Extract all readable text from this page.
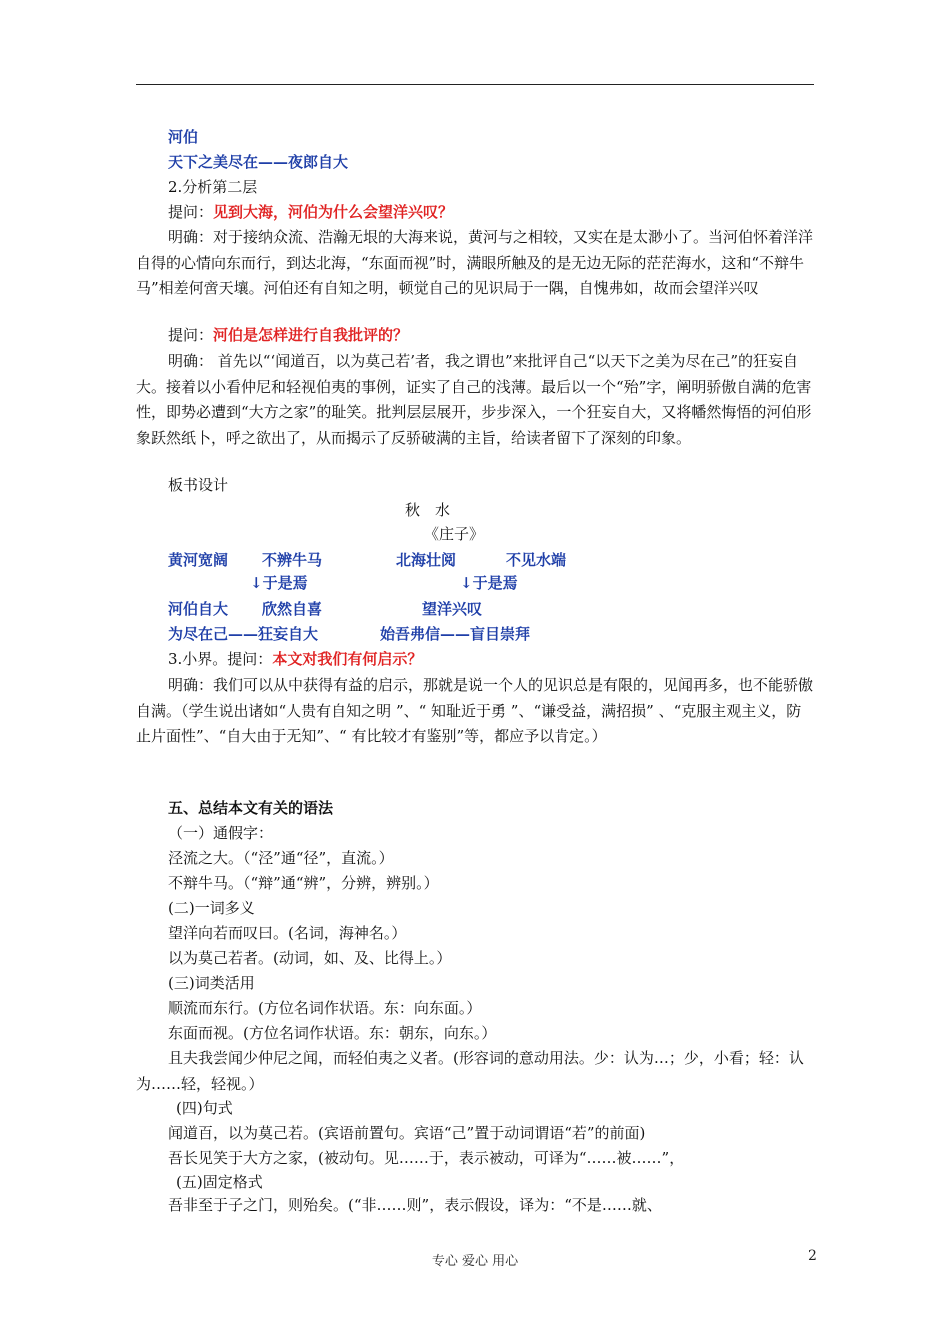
河伯
天下之美尽在——夜郎自大
2.分析第二层
提问：见到大海，河伯为什么会望洋兴叹？
明确：对于接纳众流、浩瀚无垠的大海来说，黄河与之相较，又实在是太渺小了。当河伯怀着洋洋自得的心情向东而行，到达北海，“东面而视”时，满眼所触及的是无边无际的茫茫海水，这和“不辩牛马”相差何啻天壤。河伯还有自知之明，顿觉自己的见识局于一隅，自愧弗如，故而会望洋兴叹
提问：河伯是怎样进行自我批评的？
明确： 首先以“‘闻道百，以为莫己若’者，我之谓也”来批评自己“以天下之美为尽在己”的狂妄自大。接着以小看仲尼和轻视伯夷的事例，证实了自己的浅薄。最后以一个“殆”字，阐明骄傲自满的危害性，即势必遭到“大方之家”的耻笑。批判层层展开，步步深入，一个狂妄自大，又将幡然悔悟的河伯形象跃然纸卜，呼之欲出了，从而揭示了反骄破满的主旨，给读者留下了深刻的印象。
板书设计
秋　水
《庄子》
黄河宽阔 不辨牛马	北海壮阅	不见水端
↓于是焉	↓于是焉
河伯自大 欣然自喜	望洋兴叹
为尽在己——狂妄自大	始吾弗信——盲目崇拜
3.小界。提问：本文对我们有何启示？
明确：我们可以从中获得有益的启示，那就是说一个人的见识总是有限的，见闻再多，也不能骄傲自满。（学生说出诸如“人贵有自知之明 ”、“ 知耻近于勇 ”、“谦受益，满招损” 、“克服主观主义，防止片面性”、“自大由于无知”、“ 有比较才有鉴别”等，都应予以肯定。）
五、总结本文有关的语法
（一）通假字：
泾流之大。（“泾”通“径”，直流。）
不辩牛马。（“辩”通“辨”，分辨，辨别。）
(二)一词多义
望洋向若而叹曰。(名词，海神名。）
以为莫己若者。(动词，如、及、比得上。）
(三)词类活用
顺流而东行。(方位名词作状语。东：向东面。）
东面而视。(方位名词作状语。东：朝东，向东。）
且夫我尝闻少仲尼之闻，而轻伯夷之义者。(形容词的意动用法。少：认为…；少，小看；轻：认为……轻，轻视。）
(四)句式
闻道百，以为莫己若。(宾语前置句。宾语“己”置于动词谓语“若”的前面)
吾长见笑于大方之家，(被动句。见……于，表示被动，可译为“……被……”，
(五)固定格式
吾非至于子之门，则殆矣。(“非……则”，表示假设，译为：“不是……就、
专心 爱心 用心	2
